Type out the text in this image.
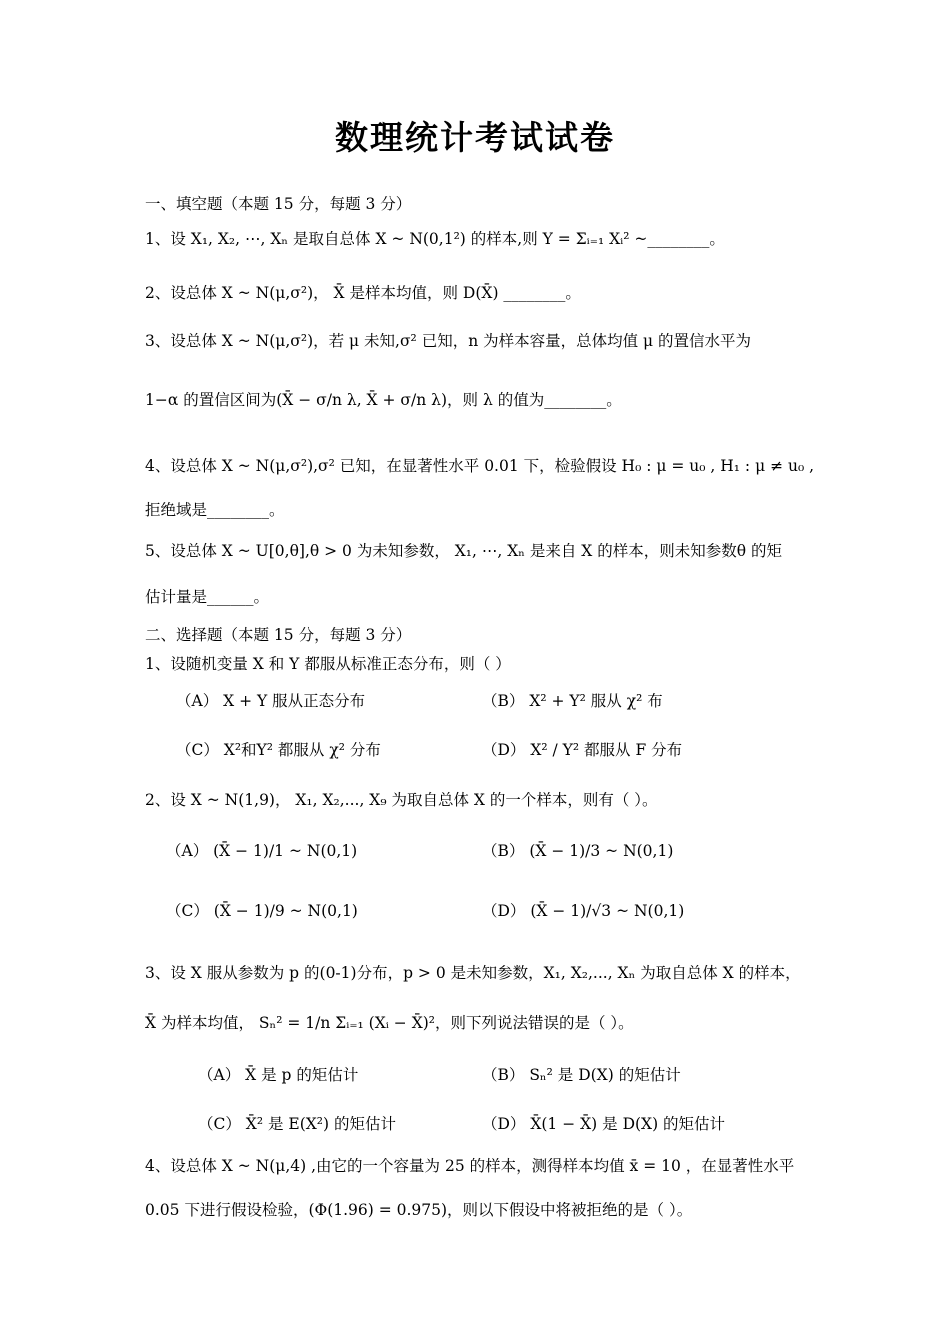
数理统计考试试卷
一、填空题（本题 15 分，每题 3 分）
1、设 X₁, X₂, ⋯, Xₙ 是取自总体 X ~ N(0,1²) 的样本,则 Y = Σᵢ₌₁ Xᵢ² ~________。
2、设总体 X ~ N(μ,σ²)， X̄ 是样本均值，则 D(X̄) ________。
3、设总体 X ~ N(μ,σ²)，若 μ 未知,σ² 已知，n 为样本容量，总体均值 μ 的置信水平为
1−α 的置信区间为(X̄ − σ/n λ, X̄ + σ/n λ)，则 λ 的值为________。
4、设总体 X ~ N(μ,σ²),σ² 已知，在显著性水平 0.01 下，检验假设 H₀ : μ = u₀ , H₁ : μ ≠ u₀ ,
拒绝域是________。
5、设总体 X ~ U[0,θ],θ > 0 为未知参数， X₁, ⋯, Xₙ 是来自 X 的样本，则未知参数θ 的矩
估计量是______。
二、选择题（本题 15 分，每题 3 分）
1、设随机变量 X 和 Y 都服从标准正态分布，则（ ）
（A） X + Y 服从正态分布	（B） X² + Y² 服从 χ² 布
（C） X²和Y² 都服从 χ² 分布	（D） X² / Y² 都服从 F 分布
2、设 X ~ N(1,9)， X₁, X₂,..., X₉ 为取自总体 X 的一个样本，则有（ ）。
（A） (X̄ − 1)/1 ~ N(0,1)	（B） (X̄ − 1)/3 ~ N(0,1)
（C） (X̄ − 1)/9 ~ N(0,1)	（D） (X̄ − 1)/√3 ~ N(0,1)
3、设 X 服从参数为 p 的(0-1)分布，p > 0 是未知参数，X₁, X₂,..., Xₙ 为取自总体 X 的样本，
X̄ 为样本均值， Sₙ² = 1/n Σᵢ₌₁ (Xᵢ − X̄)²，则下列说法错误的是（ ）。
（A） X̄ 是 p 的矩估计	（B） Sₙ² 是 D(X) 的矩估计
（C） X̄² 是 E(X²) 的矩估计	（D） X̄(1 − X̄) 是 D(X) 的矩估计
4、设总体 X ~ N(μ,4) ,由它的一个容量为 25 的样本，测得样本均值 x̄ = 10 ，在显著性水平
0.05 下进行假设检验，(Φ(1.96) = 0.975)，则以下假设中将被拒绝的是（ ）。
